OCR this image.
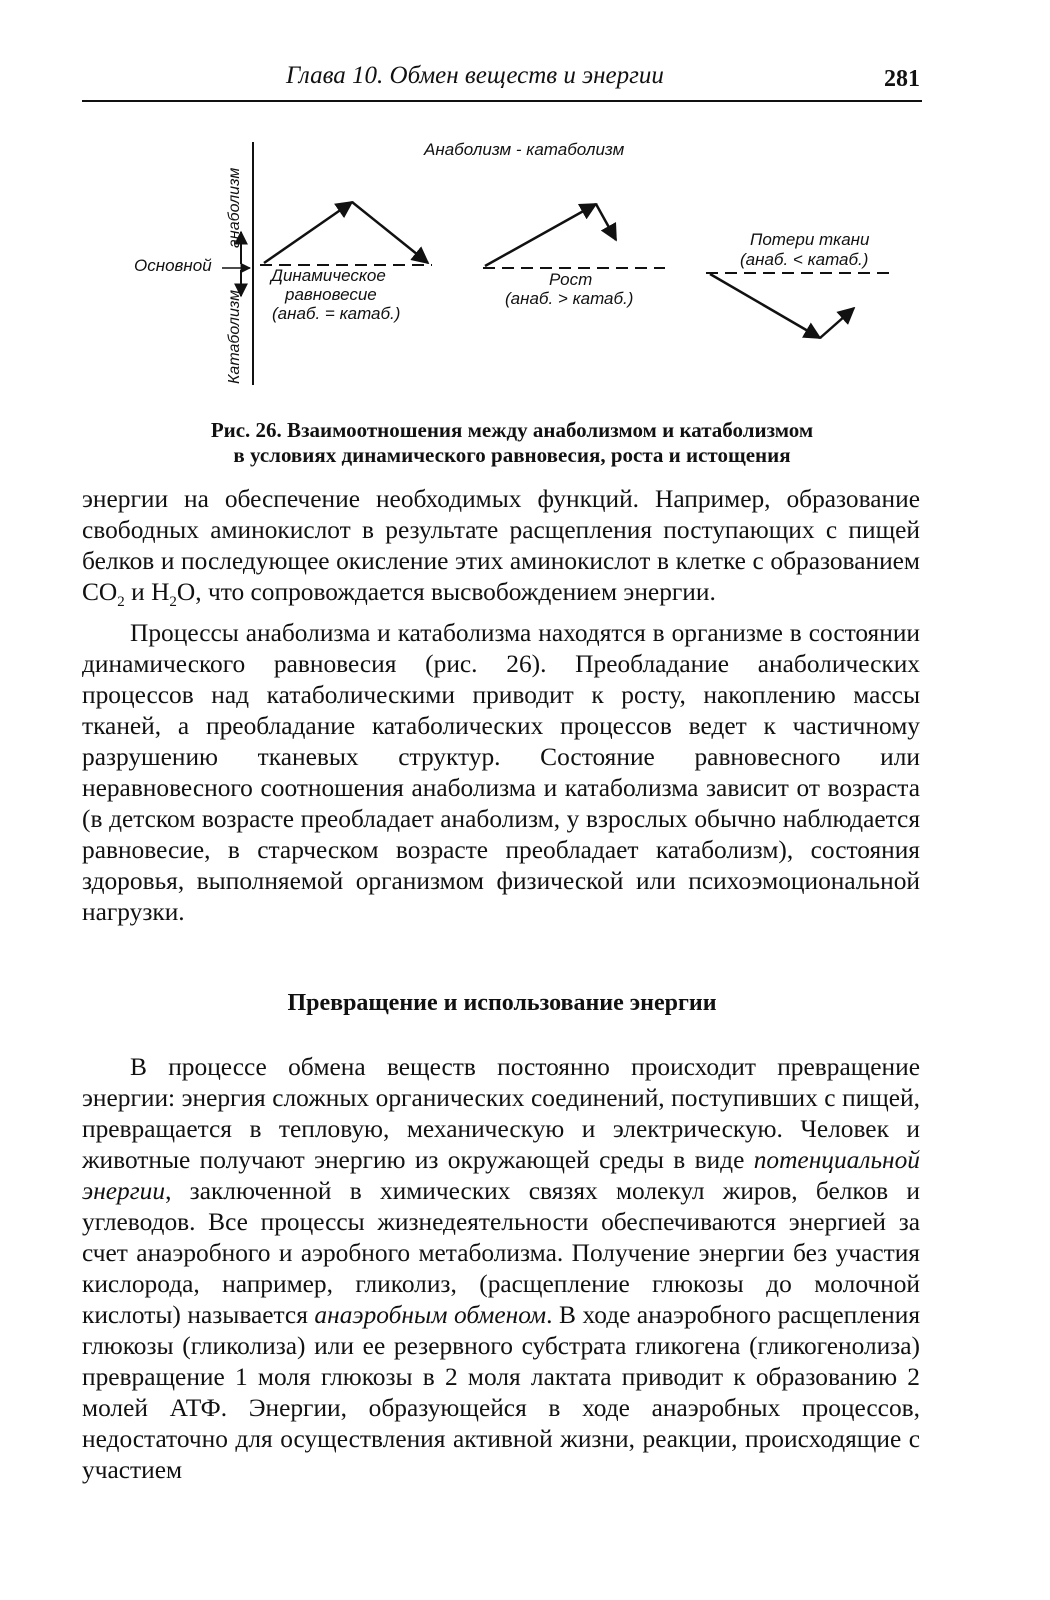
Глава 10. Обмен веществ и энергии	281
Анаболизм - катаболизм
анаболизм
Катаболизм
Основной
Динамическое
равновесие
(анаб. = катаб.)
Рост
(анаб. > катаб.)
Потери ткани
(анаб. < катаб.)
Рис. 26. Взаимоотношения между анаболизмом и катаболизмом
в условиях динамического равновесия, роста и истощения

энергии на обеспечение необходимых функций. Например, образование свободных аминокислот в результате расщепления поступающих с пищей белков и последующее окисление этих аминокислот в клетке с образованием $СО_2$ и $Н_2О$, что сопровождается высвобождением энергии.

Процессы анаболизма и катаболизма находятся в организме в состоянии динамического равновесия (рис. 26). Преобладание анаболических процессов над катаболическими приводит к росту, накоплению массы тканей, а преобладание катаболических процессов ведет к частичному разрушению тканевых структур. Состояние равновесного или неравновесного соотношения анаболизма и катаболизма зависит от возраста (в детском возрасте преобладает анаболизм, у взрослых обычно наблюдается равновесие, в старческом возрасте преобладает катаболизм), состояния здоровья, выполняемой организмом физической или психоэмоциональной нагрузки.

Превращение и использование энергии

В процессе обмена веществ постоянно происходит превращение энергии: энергия сложных органических соединений, поступивших с пищей, превращается в тепловую, механическую и электрическую. Человек и животные получают энергию из окружающей среды в виде потенциальной энергии, заключенной в химических связях молекул жиров, белков и углеводов. Все процессы жизнедеятельности обеспечиваются энергией за счет анаэробного и аэробного метаболизма. Получение энергии без участия кислорода, например, гликолиз, (расщепление глюкозы до молочной кислоты) называется анаэробным обменом. В ходе анаэробного расщепления глюкозы (гликолиза) или ее резервного субстрата гликогена (гликогенолиза) превращение 1 моля глюкозы в 2 моля лактата приводит к образованию 2 молей АТФ. Энергии, образующейся в ходе анаэробных процессов, недостаточно для осуществления активной жизни, реакции, происходящие с участием
